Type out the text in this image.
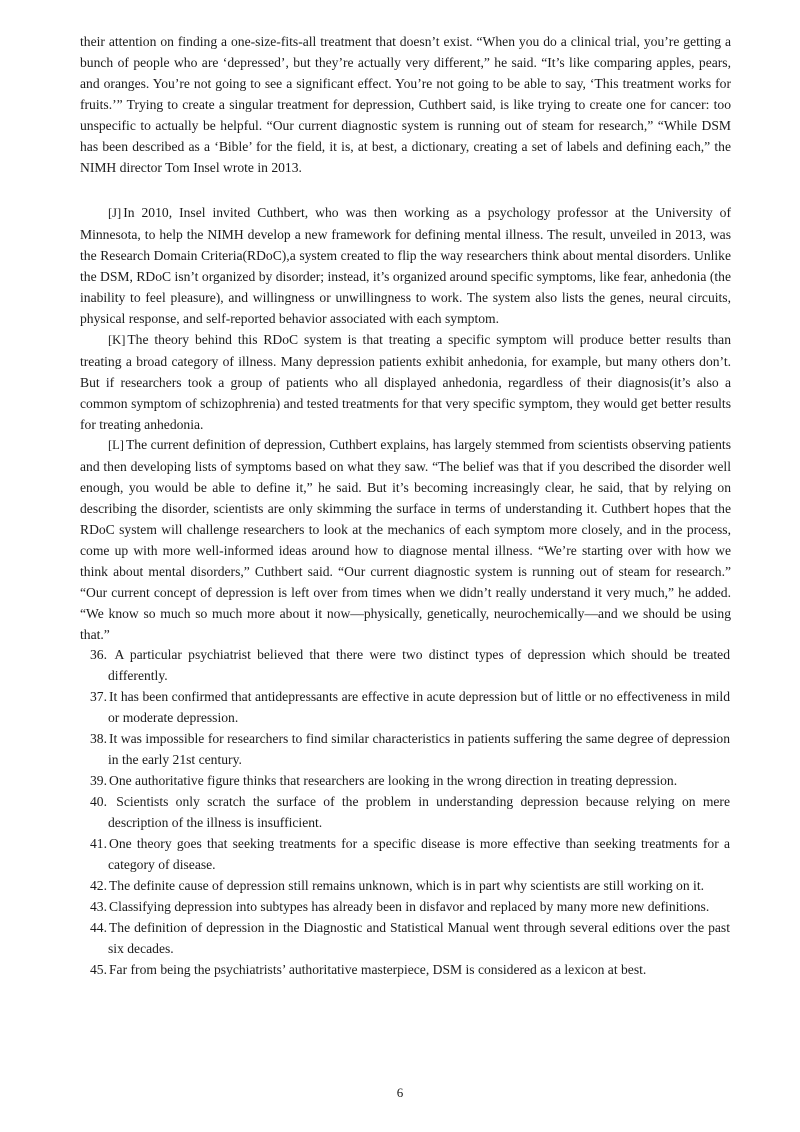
their attention on finding a one-size-fits-all treatment that doesn’t exist. “When you do a clinical trial, you’re getting a bunch of people who are ‘depressed’, but they’re actually very different,” he said. “It’s like comparing apples, pears, and oranges. You’re not going to see a significant effect. You’re not going to be able to say, ‘This treatment works for fruits.’” Trying to create a singular treatment for depression, Cuthbert said, is like trying to create one for cancer: too unspecific to actually be helpful. “Our current diagnostic system is running out of steam for research,” “While DSM has been described as a ‘Bible’ for the field, it is, at best, a dictionary, creating a set of labels and defining each,” the NIMH director Tom Insel wrote in 2013.

[J] In 2010, Insel invited Cuthbert, who was then working as a psychology professor at the University of Minnesota, to help the NIMH develop a new framework for defining mental illness. The result, unveiled in 2013, was the Research Domain Criteria(RDoC),a system created to flip the way researchers think about mental disorders. Unlike the DSM, RDoC isn’t organized by disorder; instead, it’s organized around specific symptoms, like fear, anhedonia (the inability to feel pleasure), and willingness or unwillingness to work. The system also lists the genes, neural circuits, physical response, and self-reported behavior associated with each symptom.

[K] The theory behind this RDoC system is that treating a specific symptom will produce better results than treating a broad category of illness. Many depression patients exhibit anhedonia, for example, but many others don’t. But if researchers took a group of patients who all displayed anhedonia, regardless of their diagnosis(it’s also a common symptom of schizophrenia) and tested treatments for that very specific symptom, they would get better results for treating anhedonia.

[L] The current definition of depression, Cuthbert explains, has largely stemmed from scientists observing patients and then developing lists of symptoms based on what they saw. “The belief was that if you described the disorder well enough, you would be able to define it,” he said. But it’s becoming increasingly clear, he said, that by relying on describing the disorder, scientists are only skimming the surface in terms of understanding it. Cuthbert hopes that the RDoC system will challenge researchers to look at the mechanics of each symptom more closely, and in the process, come up with more well-informed ideas around how to diagnose mental illness. “We’re starting over with how we think about mental disorders,” Cuthbert said. “Our current diagnostic system is running out of steam for research.” “Our current concept of depression is left over from times when we didn’t really understand it very much,” he added. “We know so much so much more about it now—physically, genetically, neurochemically—and we should be using that.”

36. A particular psychiatrist believed that there were two distinct types of depression which should be treated differently.
37. It has been confirmed that antidepressants are effective in acute depression but of little or no effectiveness in mild or moderate depression.
38. It was impossible for researchers to find similar characteristics in patients suffering the same degree of depression in the early 21st century.
39. One authoritative figure thinks that researchers are looking in the wrong direction in treating depression.
40. Scientists only scratch the surface of the problem in understanding depression because relying on mere description of the illness is insufficient.
41. One theory goes that seeking treatments for a specific disease is more effective than seeking treatments for a category of disease.
42. The definite cause of depression still remains unknown, which is in part why scientists are still working on it.
43. Classifying depression into subtypes has already been in disfavor and replaced by many more new definitions.
44. The definition of depression in the Diagnostic and Statistical Manual went through several editions over the past six decades.
45. Far from being the psychiatrists’ authoritative masterpiece, DSM is considered as a lexicon at best.
6
